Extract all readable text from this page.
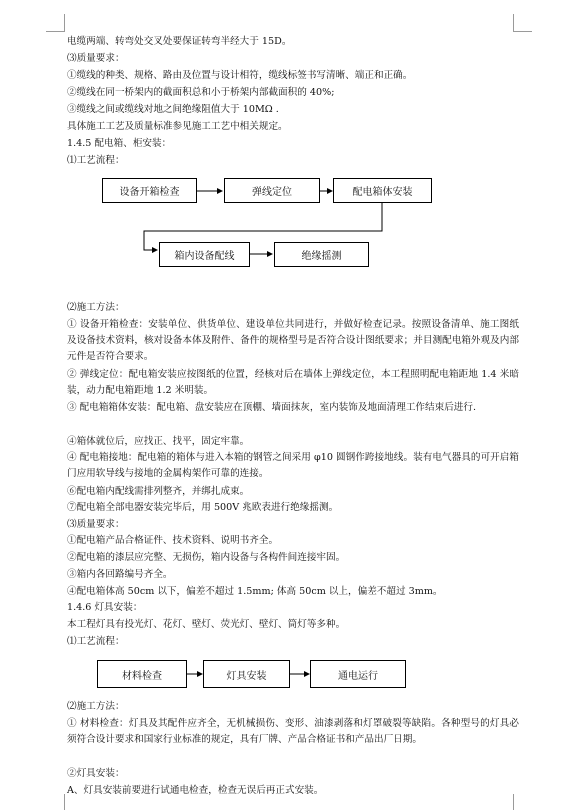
电缆两端、转弯处交叉处要保证转弯半经大于 15D。
⑶质量要求：
①缆线的种类、规格、路由及位置与设计相符，缆线标签书写清晰、端正和正确。
②缆线在同一桥架内的截面积总和小于桥架内部截面积的 40%;
③缆线之间或缆线对地之间绝缘阻值大于 10MΩ .
具体施工工艺及质量标准参见施工工艺中相关规定。
1.4.5 配电箱、柜安装：
⑴工艺流程：
设备开箱检查	弹线定位	配电箱体安装
箱内设备配线	绝缘摇测
⑵施工方法：
① 设备开箱检查：安装单位、供货单位、建设单位共同进行，并做好检查记录。按照设备清单、施工图纸及设备技术资料，核对设备本体及附件、备件的规格型号是否符合设计图纸要求；并目测配电箱外观及内部元件是否符合要求。
② 弹线定位：配电箱安装应按图纸的位置，经核对后在墙体上弹线定位，本工程照明配电箱距地 1.4 米暗装，动力配电箱距地 1.2 米明装。
③ 配电箱箱体安装：配电箱、盘安装应在顶棚、墙面抹灰，室内装饰及地面清理工作结束后进行.
④箱体就位后，应找正、找平，固定牢靠。
④ 配电箱接地：配电箱的箱体与进入本箱的钢管之间采用 φ10 圆钢作跨接地线。装有电气器具的可开启箱门应用软导线与接地的金属构架作可靠的连接。
⑥配电箱内配线需排列整齐，并绑扎成束。
⑦配电箱全部电器安装完毕后，用 500V 兆欧表进行绝缘摇测。
⑶质量要求：
①配电箱产品合格证件、技术资料、说明书齐全。
②配电箱的漆层应完整、无损伤，箱内设备与各构件间连接牢固。
③箱内各回路编号齐全。
④配电箱体高 50cm 以下，偏差不超过 1.5mm; 体高 50cm 以上，偏差不超过 3mm。
1.4.6 灯具安装：
本工程灯具有投光灯、花灯、壁灯、荧光灯、壁灯、筒灯等多种。
⑴工艺流程：
材料检查	灯具安装	通电运行
⑵施工方法：
① 材料检查：灯具及其配件应齐全，无机械损伤、变形、油漆剥落和灯罩破裂等缺陷。各种型号的灯具必须符合设计要求和国家行业标准的规定，具有厂牌、产品合格证书和产品出厂日期。
②灯具安装：
A、灯具安装前要进行试通电检查，检查无误后再正式安装。
